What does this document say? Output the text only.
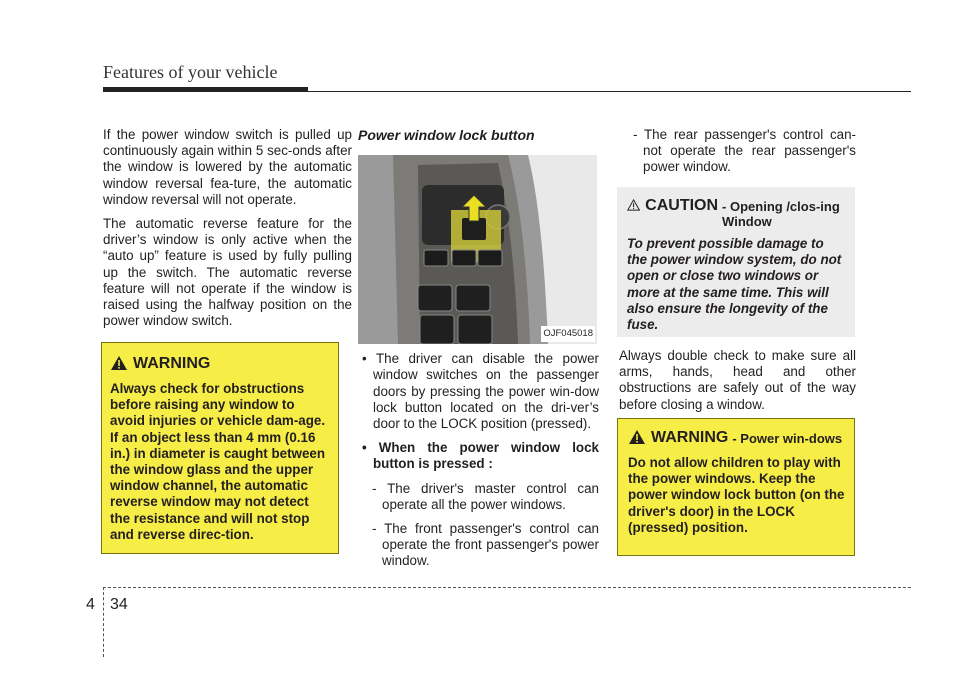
Features of your vehicle

If the power window switch is pulled up continuously again within 5 sec-onds after the window is lowered by the automatic window reversal fea-ture, the automatic window reversal will not operate.

The automatic reverse feature for the driver’s window is only active when the “auto up” feature is used by fully pulling up the switch. The automatic reverse feature will not operate if the window is raised using the halfway position on the power window switch.

WARNING
Always check for obstructions before raising any window to avoid injuries or vehicle dam-age. If an object less than 4 mm (0.16 in.) in diameter is caught between the window glass and the upper window channel, the automatic reverse window may not detect the resistance and will not stop and reverse direc-tion.
Power window lock button
OJF045018

• The driver can disable the power window switches on the passenger doors by pressing the power win-dow lock button located on the dri-ver’s door to the LOCK position (pressed).

• When the power window lock button is pressed :

- The driver's master control can operate all the power windows.

- The front passenger's control can operate the front passenger's power window.

- The rear passenger's control can-not operate the rear passenger's power window.

CAUTION - Opening /clos-ing Window
To prevent possible damage to the power window system, do not open or close two windows or more at the same time. This will also ensure the longevity of the fuse.

Always double check to make sure all arms, hands, head and other obstructions are safely out of the way before closing a window.

WARNING - Power win-dows
Do not allow children to play with the power windows. Keep the power window lock button (on the driver's door) in the LOCK (pressed) position.
4 34
